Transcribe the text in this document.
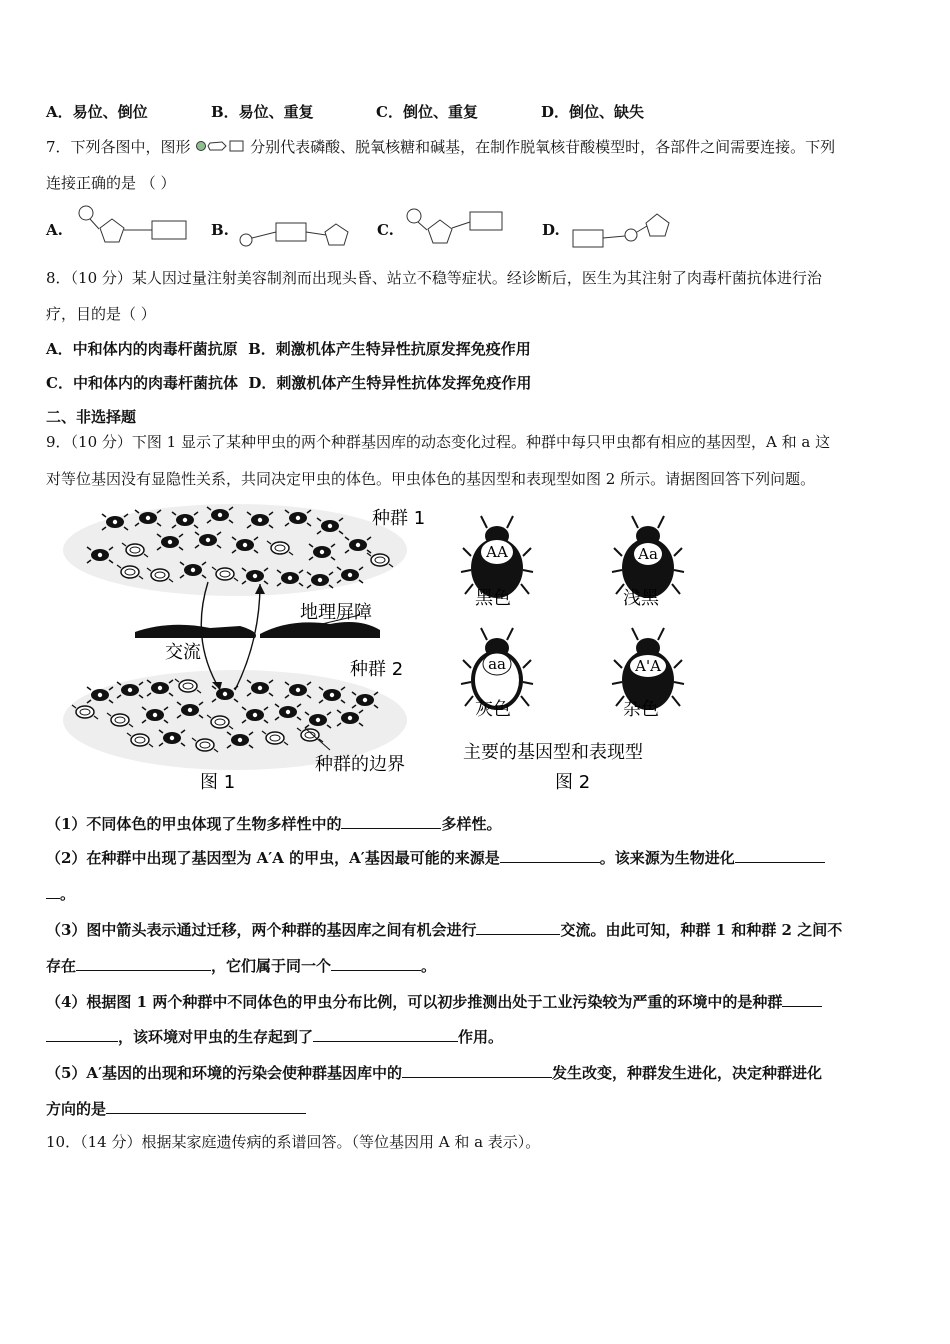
A．易位、倒位	B．易位、重复	C．倒位、重复	D．倒位、缺失
7．下列各图中，图形	分别代表磷酸、脱氧核糖和碱基，在制作脱氧核苷酸模型时，各部件之间需要连接。下列
连接正确的是 （ ）
A.	B.	C.	D.
8．（10 分）某人因过量注射美容制剂而出现头昏、站立不稳等症状。经诊断后，医生为其注射了肉毒杆菌抗体进行治
疗，目的是（ ）
A．中和体内的肉毒杆菌抗原 B．刺激机体产生特异性抗原发挥免疫作用
C．中和体内的肉毒杆菌抗体 D．刺激机体产生特异性抗体发挥免疫作用
二、非选择题
9．（10 分）下图 1 显示了某种甲虫的两个种群基因库的动态变化过程。种群中每只甲虫都有相应的基因型，A 和 a 这
对等位基因没有显隐性关系，共同决定甲虫的体色。甲虫体色的基因型和表现型如图 2 所示。请据图回答下列问题。
种群 1
地理屏障
交流
种群 2
种群的边界
图 1
AA
黑色
Aa
浅黑
aa
灰色
A'A
杂色
主要的基因型和表现型
图 2
（1）不同体色的甲虫体现了生物多样性中的	多样性。
（2）在种群中出现了基因型为 A′A 的甲虫，A′基因最可能的来源是	。该来源为生物进化
。
（3）图中箭头表示通过迁移，两个种群的基因库之间有机会进行	交流。由此可知，种群 1 和种群 2 之间不
存在	，它们属于同一个	。
（4）根据图 1 两个种群中不同体色的甲虫分布比例，可以初步推测出处于工业污染较为严重的环境中的是种群
，该环境对甲虫的生存起到了	作用。
（5）A′基因的出现和环境的污染会使种群基因库中的	发生改变，种群发生进化，决定种群进化
方向的是
10．（14 分）根据某家庭遗传病的系谱回答。（等位基因用 A 和 a 表示）。
